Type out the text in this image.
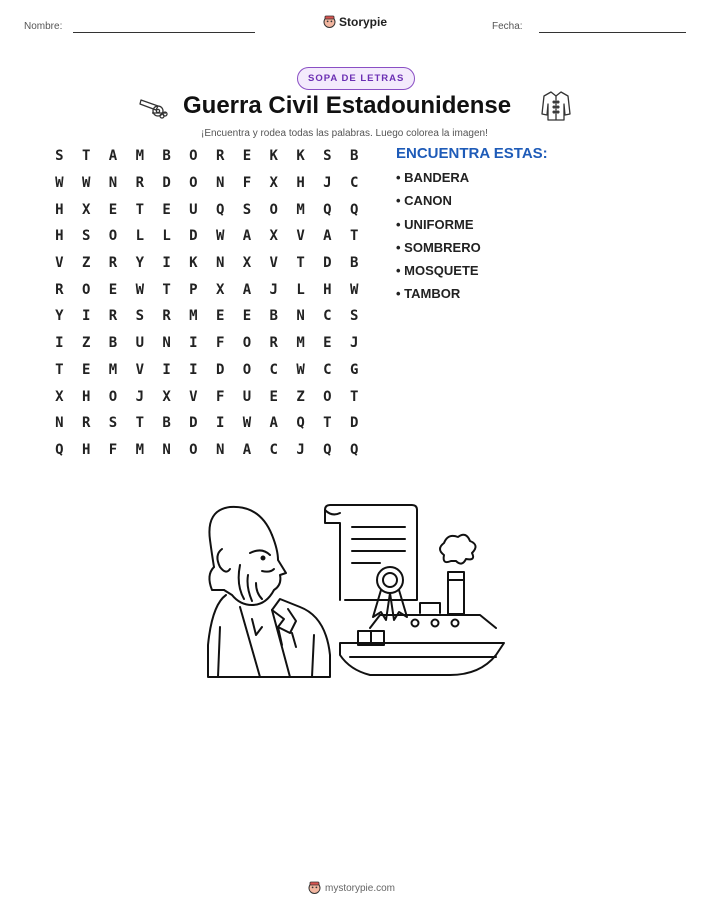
Nombre:	Storypie	Fecha:
SOPA DE LETRAS
Guerra Civil Estadounidense
¡Encuentra y rodea todas las palabras. Luego colorea la imagen!
S	T	A	M	B	O	R	E	K	K	S	B
W	W	N	R	D	O	N	F	X	H	J	C
H	X	E	T	E	U	Q	S	O	M	Q	Q
H	S	O	L	L	D	W	A	X	V	A	T
V	Z	R	Y	I	K	N	X	V	T	D	B
R	O	E	W	T	P	X	A	J	L	H	W
Y	I	R	S	R	M	E	E	B	N	C	S
I	Z	B	U	N	I	F	O	R	M	E	J
T	E	M	V	I	I	D	O	C	W	C	G
X	H	O	J	X	V	F	U	E	Z	O	T
N	R	S	T	B	D	I	W	A	Q	T	D
Q	H	F	M	N	O	N	A	C	J	Q	Q
ENCUENTRA ESTAS:
• BANDERA
• CANON
• UNIFORME
• SOMBRERO
• MOSQUETE
• TAMBOR
mystorypie.com
